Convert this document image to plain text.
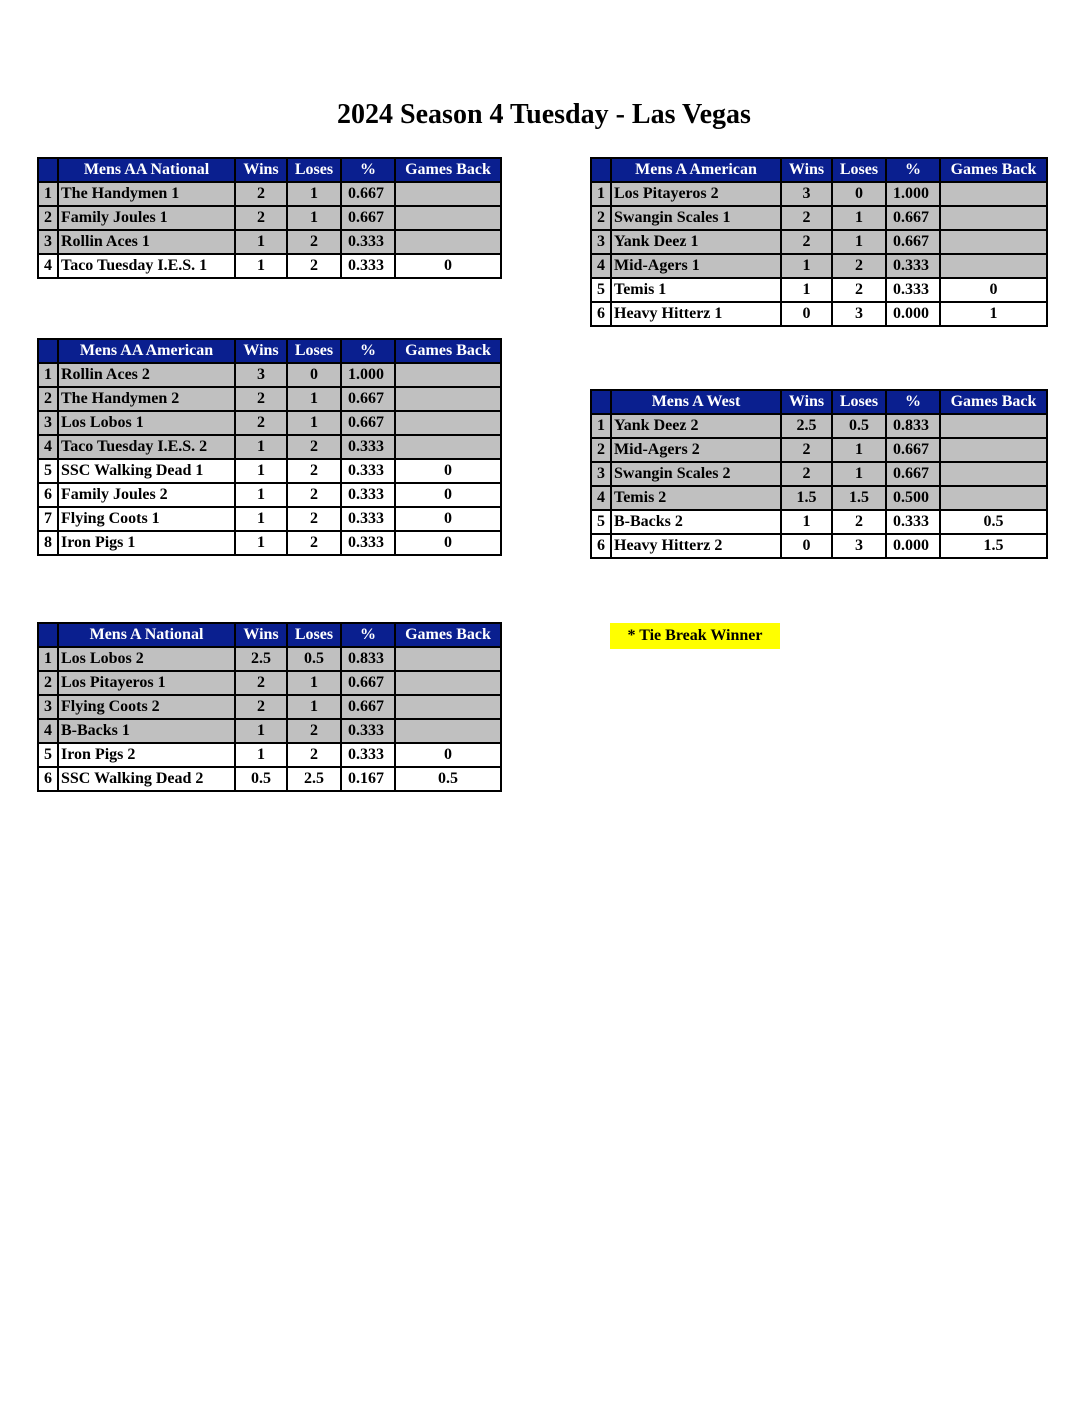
2024 Season 4 Tuesday - Las Vegas
	Mens AA National	Wins	Loses	%	Games Back
1	The Handymen 1	2	1	0.667	
2	Family Joules 1	2	1	0.667	
3	Rollin Aces 1	1	2	0.333	
4	Taco Tuesday I.E.S. 1	1	2	0.333	0
	Mens AA American	Wins	Loses	%	Games Back
1	Rollin Aces 2	3	0	1.000	
2	The Handymen 2	2	1	0.667	
3	Los Lobos 1	2	1	0.667	
4	Taco Tuesday I.E.S. 2	1	2	0.333	
5	SSC Walking Dead 1	1	2	0.333	0
6	Family Joules 2	1	2	0.333	0
7	Flying Coots 1	1	2	0.333	0
8	Iron Pigs 1	1	2	0.333	0
	Mens A National	Wins	Loses	%	Games Back
1	Los Lobos 2	2.5	0.5	0.833	
2	Los Pitayeros 1	2	1	0.667	
3	Flying Coots 2	2	1	0.667	
4	B-Backs 1	1	2	0.333	
5	Iron Pigs 2	1	2	0.333	0
6	SSC Walking Dead 2	0.5	2.5	0.167	0.5
	Mens A American	Wins	Loses	%	Games Back
1	Los Pitayeros 2	3	0	1.000	
2	Swangin Scales 1	2	1	0.667	
3	Yank Deez 1	2	1	0.667	
4	Mid-Agers 1	1	2	0.333	
5	Temis 1	1	2	0.333	0
6	Heavy Hitterz 1	0	3	0.000	1
	Mens A West	Wins	Loses	%	Games Back
1	Yank Deez 2	2.5	0.5	0.833	
2	Mid-Agers 2	2	1	0.667	
3	Swangin Scales 2	2	1	0.667	
4	Temis 2	1.5	1.5	0.500	
5	B-Backs 2	1	2	0.333	0.5
6	Heavy Hitterz 2	0	3	0.000	1.5
* Tie Break Winner
